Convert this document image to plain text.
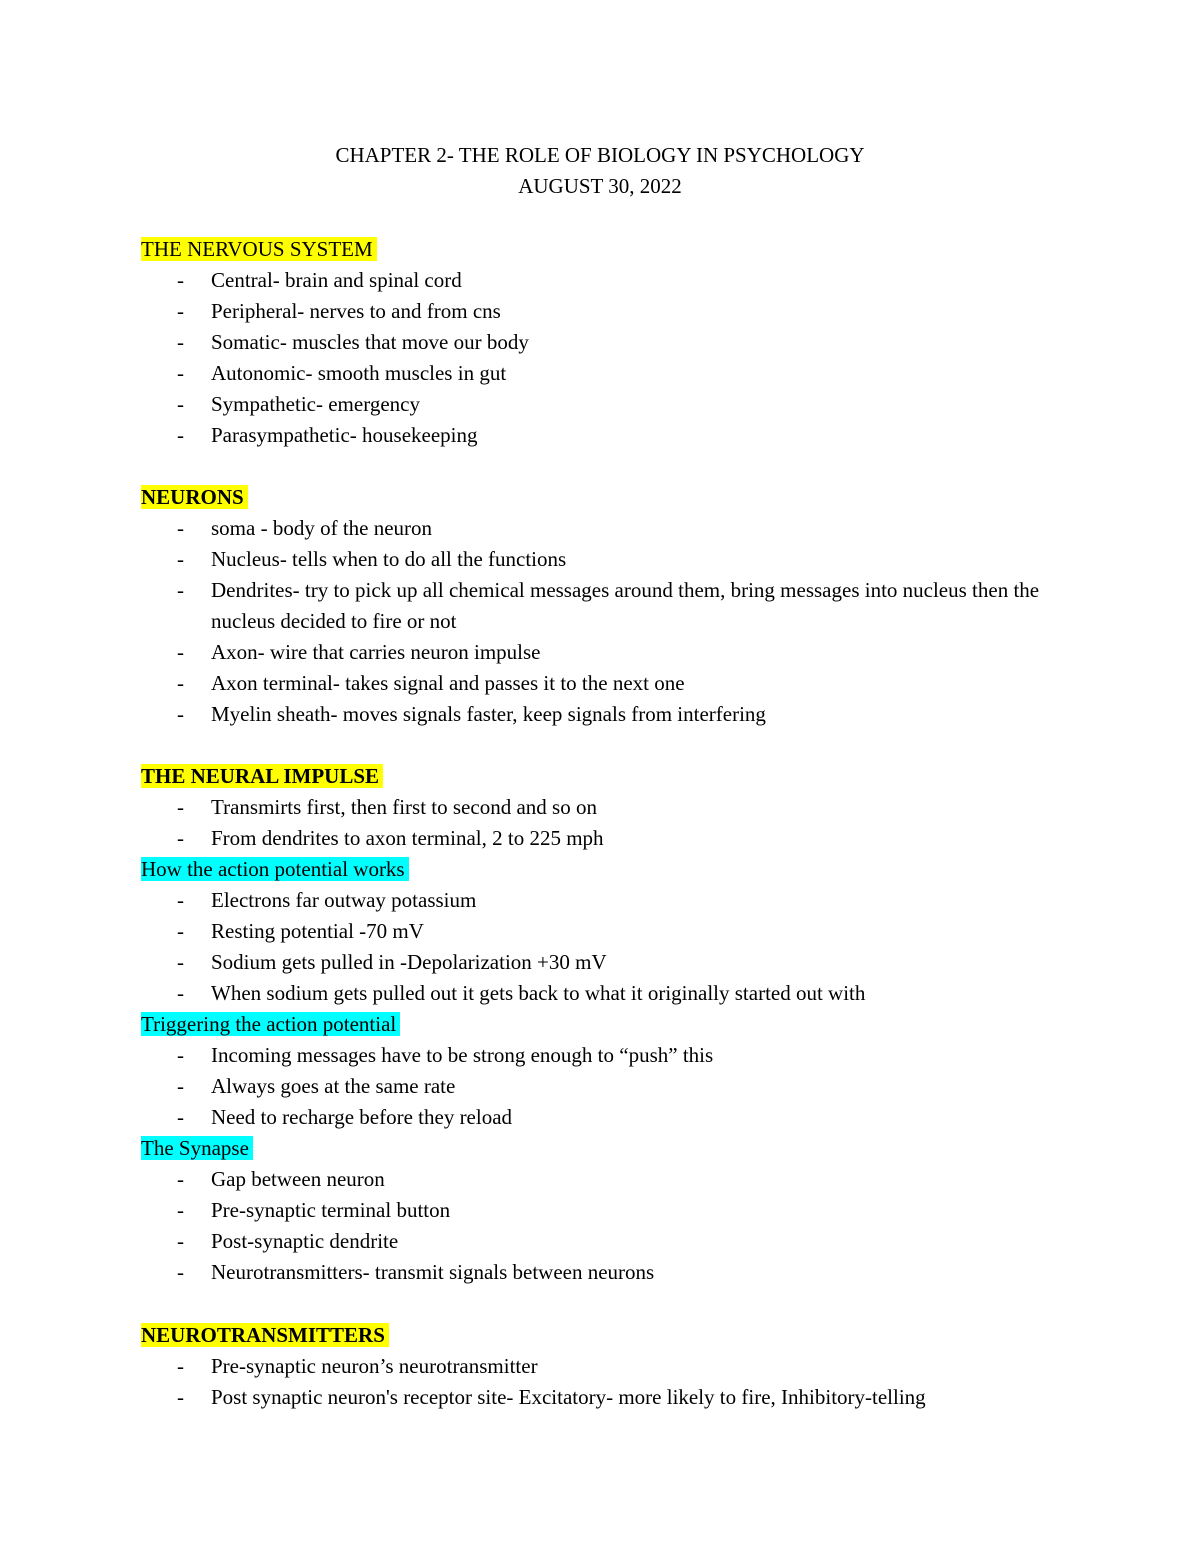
CHAPTER 2- THE ROLE OF BIOLOGY IN PSYCHOLOGY
AUGUST 30, 2022
THE NERVOUS SYSTEM
- Central- brain and spinal cord
- Peripheral- nerves to and from cns
- Somatic- muscles that move our body
- Autonomic- smooth muscles in gut
- Sympathetic- emergency
- Parasympathetic- housekeeping
NEURONS
- soma - body of the neuron
- Nucleus- tells when to do all the functions
- Dendrites- try to pick up all chemical messages around them, bring messages into nucleus then the nucleus decided to fire or not
- Axon- wire that carries neuron impulse
- Axon terminal- takes signal and passes it to the next one
- Myelin sheath- moves signals faster, keep signals from interfering
THE NEURAL IMPULSE
- Transmirts first, then first to second and so on
- From dendrites to axon terminal, 2 to 225 mph
How the action potential works
- Electrons far outway potassium
- Resting potential -70 mV
- Sodium gets pulled in -Depolarization +30 mV
- When sodium gets pulled out it gets back to what it originally started out with
Triggering the action potential
- Incoming messages have to be strong enough to “push” this
- Always goes at the same rate
- Need to recharge before they reload
The Synapse
- Gap between neuron
- Pre-synaptic terminal button
- Post-synaptic dendrite
- Neurotransmitters- transmit signals between neurons
NEUROTRANSMITTERS
- Pre-synaptic neuron’s neurotransmitter
- Post synaptic neuron's receptor site- Excitatory- more likely to fire, Inhibitory-telling
